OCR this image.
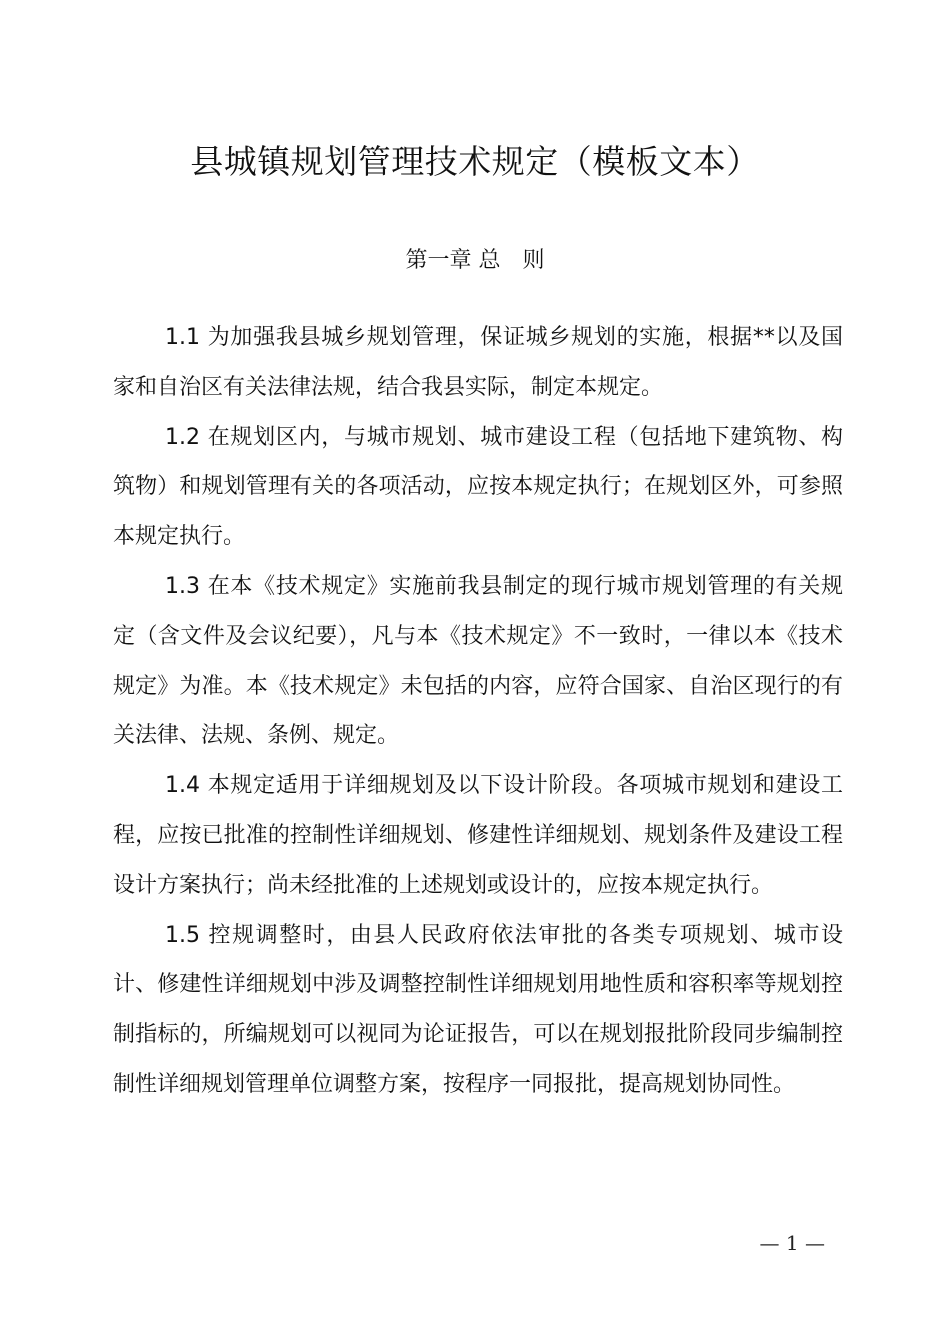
县城镇规划管理技术规定（模板文本）
第一章 总　则

1.1 为加强我县城乡规划管理，保证城乡规划的实施，根据**以及国家和自治区有关法律法规，结合我县实际，制定本规定。

1.2 在规划区内，与城市规划、城市建设工程（包括地下建筑物、构筑物）和规划管理有关的各项活动，应按本规定执行；在规划区外，可参照本规定执行。

1.3 在本《技术规定》实施前我县制定的现行城市规划管理的有关规定（含文件及会议纪要），凡与本《技术规定》不一致时，一律以本《技术规定》为准。本《技术规定》未包括的内容，应符合国家、自治区现行的有关法律、法规、条例、规定。

1.4 本规定适用于详细规划及以下设计阶段。各项城市规划和建设工程，应按已批准的控制性详细规划、修建性详细规划、规划条件及建设工程设计方案执行；尚未经批准的上述规划或设计的，应按本规定执行。

1.5 控规调整时，由县人民政府依法审批的各类专项规划、城市设计、修建性详细规划中涉及调整控制性详细规划用地性质和容积率等规划控制指标的，所编规划可以视同为论证报告，可以在规划报批阶段同步编制控制性详细规划管理单位调整方案，按程序一同报批，提高规划协同性。

— 1 —
